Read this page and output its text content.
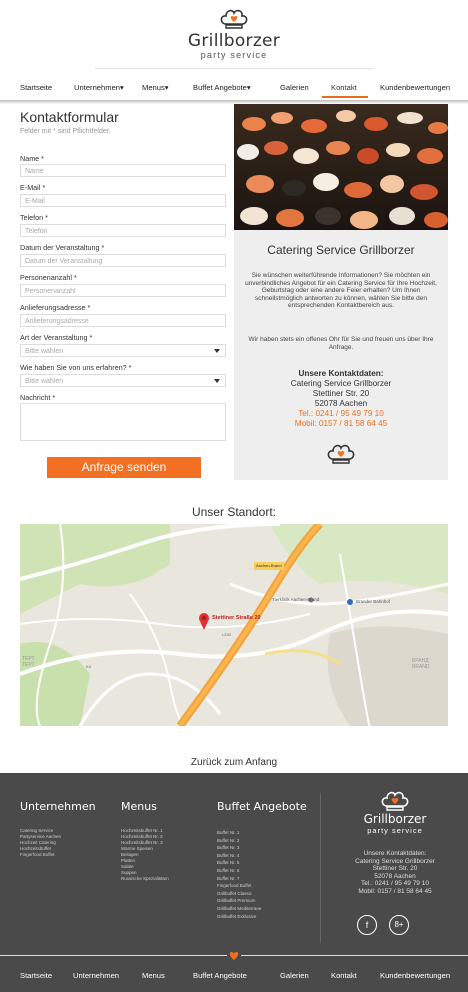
Grillborzer
party service
Startseite	Unternehmen▾ Menus▾	Buffet Angebote▾	Galerien	Kontakt	Kundenbewertungen
Kontaktformular
Felder mit * sind Pflichtfelder.
Name *
Name
E-Mail *
E-Mail
Telefon *
Telefon
Datum der Veranstaltung *
Datum der Veranstaltung
Personenanzahl *
Personenanzahl
Anlieferungsadresse *
Anlieferungsadresse
Art der Veranstaltung *
Bitte wahlen
Wie haben Sie von uns erfahren? *
Bitte wahlen
Nachricht *
Anfrage senden
Catering Service Grillborzer
Sie wünschen weiterführende Informationen? Sie möchten ein unverbindliches Angebot für ein Catering Service für Ihre Hochzeit, Geburtstag oder eine andere Feier erhalten? Um Ihnen schnellstmöglich antworten zu können, wählen Sie bitte den entsprechenden Kontaktbereich aus.
Wir haben stets ein offenes Ohr für Sie und freuen uns über Ihre Anfrage.
Unsere Kontaktdaten:
Catering Service Grillborzer
Stettiner Str. 20
52078 Aachen
Tel.: 0241 / 95 49 79 10
Mobil: 0157 / 81 58 64 45
Unser Standort:
Stettiner Straße 20
Aachen-Brand
Tierklinik Aachen-Brand	Brander Bahnhof
БРАНД BRAND
ТЕРТ ТЕРТ	K4
L233
Zurück zum Anfang
Unternehmen Menus	Buffet Angebote
Catering Service
Partyservice Aachen
Hochzeit Catering
Hochzeitsbuffet
Fingerfood Buffet
Hochzeitsbuffet Nr. 1
Hochzeitsbuffet Nr. 2
Hochzeitsbuffet Nr. 3
Warme Speisen
Beilagen
Platten
Salate
Suppen
Russische Spezialitäten
Buffet Nr. 1
Buffet Nr. 2
Buffet Nr. 3
Buffet Nr. 4
Buffet Nr. 5
Buffet Nr. 6
Buffet Nr. 7
Fingerfood Buffet
Grillbuffet Classic
Grillbuffet Premium
Grillbuffet Mediterrane
Grillbuffet Exklusive
Grillborzer
party service
Unsere Kontaktdaten:
Catering Service Grillborzer
Stettiner Str. 20
52078 Aachen
Tel.: 0241 / 95 49 79 10
Mobil: 0157 / 81 58 64 45
f	8+
Startseite	Unternehmen	Menus	Buffet Angebote	Galerien	Kontakt	Kundenbewertungen
